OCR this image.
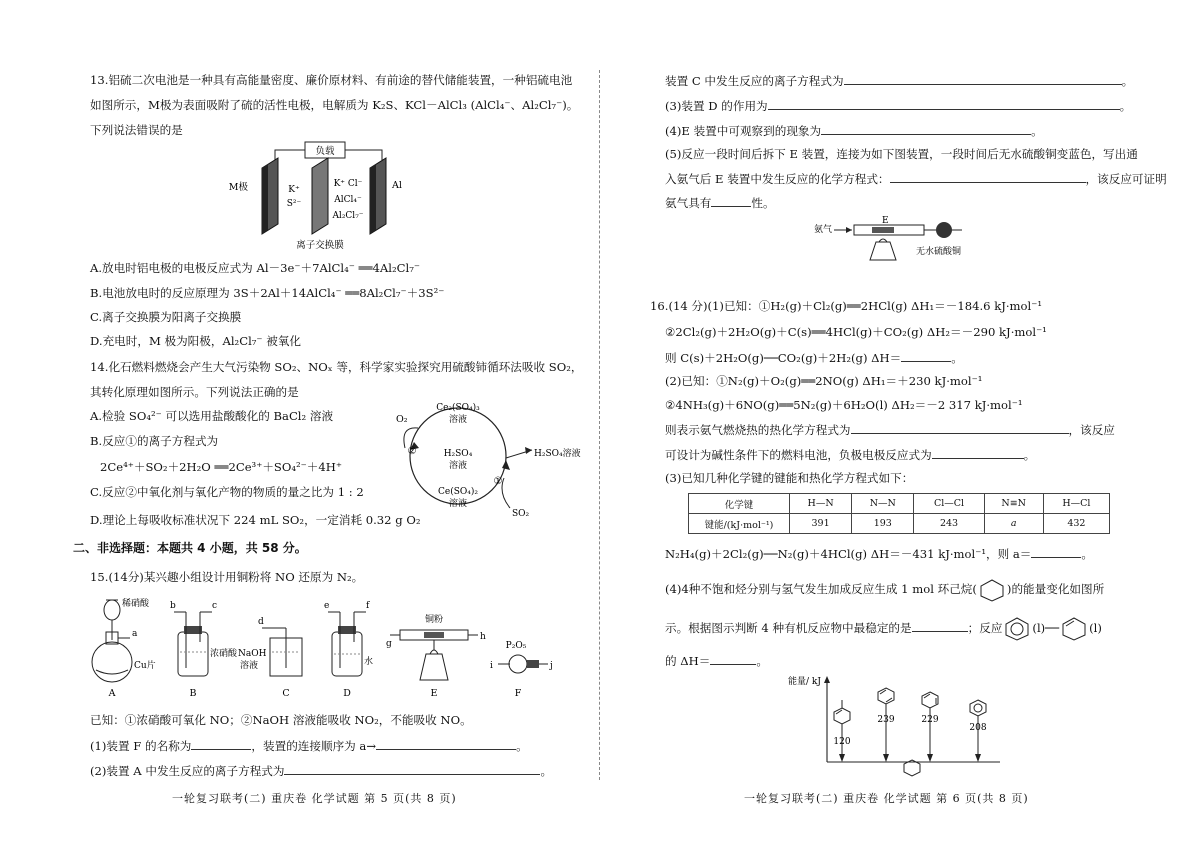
13.铝硫二次电池是一种具有高能量密度、廉价原材料、有前途的替代储能装置，一种铝硫电池
如图所示，M极为表面吸附了硫的活性电极，电解质为 K₂S、KCl－AlCl₃ (AlCl₄⁻、Al₂Cl₇⁻)。
下列说法错误的是
负载
M极	Al
K⁺
S²⁻
K⁺ Cl⁻
AlCl₄⁻
Al₂Cl₇⁻
离子交换膜
A.放电时铝电极的电极反应式为 Al－3e⁻＋7AlCl₄⁻ ══4Al₂Cl₇⁻
B.电池放电时的反应原理为 3S＋2Al＋14AlCl₄⁻ ══8Al₂Cl₇⁻＋3S²⁻
C.离子交换膜为阳离子交换膜
D.充电时，M 极为阳极，Al₂Cl₇⁻ 被氧化
14.化石燃料燃烧会产生大气污染物 SO₂、NOₓ 等，科学家实验探究用硫酸铈循环法吸收 SO₂，
其转化原理如图所示。下列说法正确的是
A.检验 SO₄²⁻ 可以选用盐酸酸化的 BaCl₂ 溶液
B.反应①的离子方程式为
2Ce⁴⁺＋SO₂＋2H₂O ══2Ce³⁺＋SO₄²⁻＋4H⁺
C.反应②中氧化剂与氧化产物的物质的量之比为 1 : 2
D.理论上每吸收标准状况下 224 mL SO₂，一定消耗 0.32 g O₂
O₂
Ce₂(SO₄)₃
溶液
H₂SO₄
溶液
H₂SO₄溶液
②
①
Ce(SO₄)₂
溶液
SO₂
二、非选择题：本题共 4 小题，共 58 分。
15.(14分)某兴趣小组设计用铜粉将 NO 还原为 N₂。
稀硝酸
a
Cu片
A
b	c
浓硝酸
B
d
NaOH
溶液
C
e	f
水
D
铜粉
g
h
E
P₂O₅
i	j
F
已知：①浓硝酸可氧化 NO；②NaOH 溶液能吸收 NO₂，不能吸收 NO。
(1)装置 F 的名称为	，装置的连接顺序为 a→	。
(2)装置 A 中发生反应的离子方程式为	。
一轮复习联考(二) 重庆卷 化学试题 第 5 页(共 8 页)
装置 C 中发生反应的离子方程式为	。
(3)装置 D 的作用为	。
(4)E 装置中可观察到的现象为	。
(5)反应一段时间后拆下 E 装置，连接为如下图装置，一段时间后无水硫酸铜变蓝色，写出通
入氨气后 E 装置中发生反应的化学方程式：	，该反应可证明
氨气具有	性。
氨气
E
无水硫酸铜
16.(14 分)(1)已知：①H₂(g)＋Cl₂(g)══2HCl(g) ΔH₁＝－184.6 kJ·mol⁻¹
②2Cl₂(g)＋2H₂O(g)＋C(s)══4HCl(g)＋CO₂(g) ΔH₂＝－290 kJ·mol⁻¹
则 C(s)＋2H₂O(g)──CO₂(g)＋2H₂(g) ΔH＝	。
(2)已知：①N₂(g)＋O₂(g)══2NO(g) ΔH₁＝＋230 kJ·mol⁻¹
②4NH₃(g)＋6NO(g)══5N₂(g)＋6H₂O(l) ΔH₂＝－2 317 kJ·mol⁻¹
则表示氨气燃烧热的热化学方程式为	，该反应
可设计为碱性条件下的燃料电池，负极电极反应式为	。
(3)已知几种化学键的键能和热化学方程式如下：
化学键	H—N	N—N	Cl—Cl	N≡N	H—Cl
键能/(kJ·mol⁻¹)	391	193	243	a	432
N₂H₄(g)＋2Cl₂(g)──N₂(g)＋4HCl(g) ΔH＝－431 kJ·mol⁻¹，则 a＝	。
(4)4种不饱和烃分别与氢气发生加成反应生成 1 mol 环己烷(	)的能量变化如图所
示。根据图示判断 4 种有机反应物中最稳定的是	；反应	(l)──	(l)
的 ΔH＝	。
能量/ kJ
120
239	229
208
一轮复习联考(二) 重庆卷 化学试题 第 6 页(共 8 页)
